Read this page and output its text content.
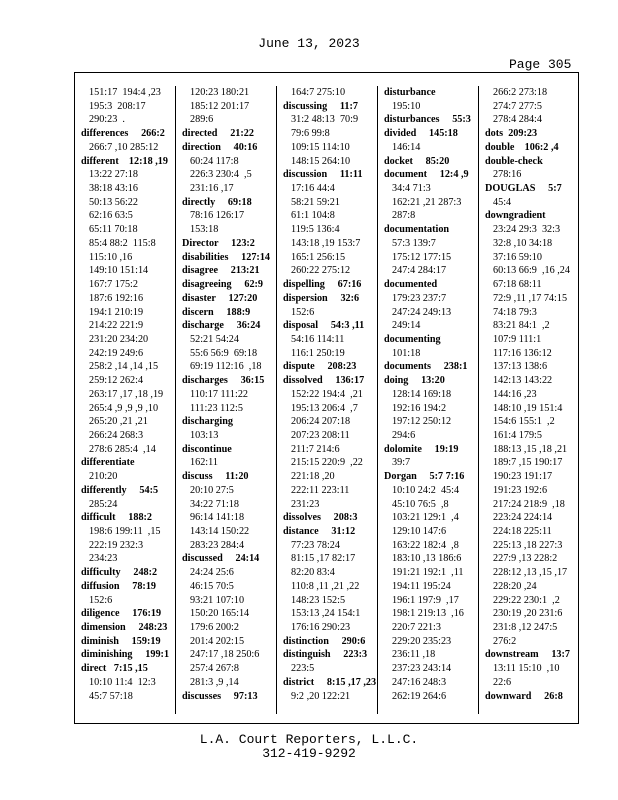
June 13, 2023
Page 305
151:17  194:4 ,23
195:3  208:17
290:23  .
differences     266:2
266:7 ,10 285:12
different    12:18 ,19
13:22 27:18
38:18 43:16
50:13 56:22
62:16 63:5
65:11 70:18
85:4 88:2  115:8
115:10 ,16
149:10 151:14
167:7 175:2
187:6 192:16
194:1 210:19
214:22 221:9
231:20 234:20
242:19 249:6
258:2 ,14 ,14 ,15
259:12 262:4
263:17 ,17 ,18 ,19
265:4 ,9 ,9 ,9 ,10
265:20 ,21 ,21
266:24 268:3
278:6 285:4  ,14
differentiate
210:20
differently     54:5
285:24
difficult     188:2
198:6 199:11  ,15
222:19 232:3
234:23
difficulty     248:2
diffusion     78:19
152:6
diligence     176:19
dimension     248:23
diminish     159:19
diminishing     199:1
direct   7:15 ,15
10:10 11:4  12:3
45:7 57:18
120:23 180:21
185:12 201:17
289:6
directed     21:22
direction     40:16
60:24 117:8
226:3 230:4  ,5
231:16 ,17
directly     69:18
78:16 126:17
153:18
Director     123:2
disabilities     127:14
disagree     213:21
disagreeing     62:9
disaster     127:20
discern     188:9
discharge     36:24
52:21 54:24
55:6 56:9  69:18
69:19 112:16  ,18
discharges     36:15
110:17 111:22
111:23 112:5
discharging
103:13
discontinue
162:11
discuss     11:20
20:10 27:5
34:22 71:18
96:14 141:18
143:14 150:22
283:23 284:4
discussed     24:14
24:24 25:6
46:15 70:5
93:21 107:10
150:20 165:14
179:6 200:2
201:4 202:15
247:17 ,18 250:6
257:4 267:8
281:3 ,9 ,14
discusses     97:13
164:7 275:10
discussing     11:7
31:2 48:13  70:9
79:6 99:8
109:15 114:10
148:15 264:10
discussion     11:11
17:16 44:4
58:21 59:21
61:1 104:8
119:5 136:4
143:18 ,19 153:7
165:1 256:15
260:22 275:12
dispelling     67:16
dispersion     32:6
152:6
disposal     54:3 ,11
54:16 114:11
116:1 250:19
dispute     208:23
dissolved     136:17
152:22 194:4  ,21
195:13 206:4  ,7
206:24 207:18
207:23 208:11
211:7 214:6
215:15 220:9  ,22
221:18 ,20
222:11 223:11
231:23
dissolves     208:3
distance     31:12
77:23 78:24
81:15 ,17 82:17
82:20 83:4
110:8 ,11 ,21 ,22
148:23 152:5
153:13 ,24 154:1
176:16 290:23
distinction     290:6
distinguish     223:3
223:5
district     8:15 ,17 ,23
9:2 ,20 122:21
disturbance
195:10
disturbances     55:3
divided     145:18
146:14
docket     85:20
document     12:4 ,9
34:4 71:3
162:21 ,21 287:3
287:8
documentation
57:3 139:7
175:12 177:15
247:4 284:17
documented
179:23 237:7
247:24 249:13
249:14
documenting
101:18
documents     238:1
doing     13:20
128:14 169:18
192:16 194:2
197:12 250:12
294:6
dolomite     19:19
39:7
Dorgan     5:7 7:16
10:10 24:2  45:4
45:10 76:5  ,8
103:21 129:1  ,4
129:10 147:6
163:22 182:4  ,8
183:10 ,13 186:6
191:21 192:1  ,11
194:11 195:24
196:1 197:9  ,17
198:1 219:13  ,16
220:7 221:3
229:20 235:23
236:11 ,18
237:23 243:14
247:16 248:3
262:19 264:6
266:2 273:18
274:7 277:5
278:4 284:4
dots  209:23
double    106:2 ,4
double-check
278:16
DOUGLAS     5:7
45:4
downgradient
23:24 29:3  32:3
32:8 ,10 34:18
37:16 59:10
60:13 66:9  ,16 ,24
67:18 68:11
72:9 ,11 ,17 74:15
74:18 79:3
83:21 84:1  ,2
107:9 111:1
117:16 136:12
137:13 138:6
142:13 143:22
144:16 ,23
148:10 ,19 151:4
154:6 155:1  ,2
161:4 179:5
188:13 ,15 ,18 ,21
189:7 ,15 190:17
190:23 191:17
191:23 192:6
217:24 218:9  ,18
223:24 224:14
224:18 225:11
225:13 ,18 227:3
227:9 ,13 228:2
228:12 ,13 ,15 ,17
228:20 ,24
229:22 230:1  ,2
230:19 ,20 231:6
231:8 ,12 247:5
276:2
downstream     13:7
13:11 15:10  ,10
22:6
downward     26:8
L.A. Court Reporters, L.L.C.
312-419-9292
